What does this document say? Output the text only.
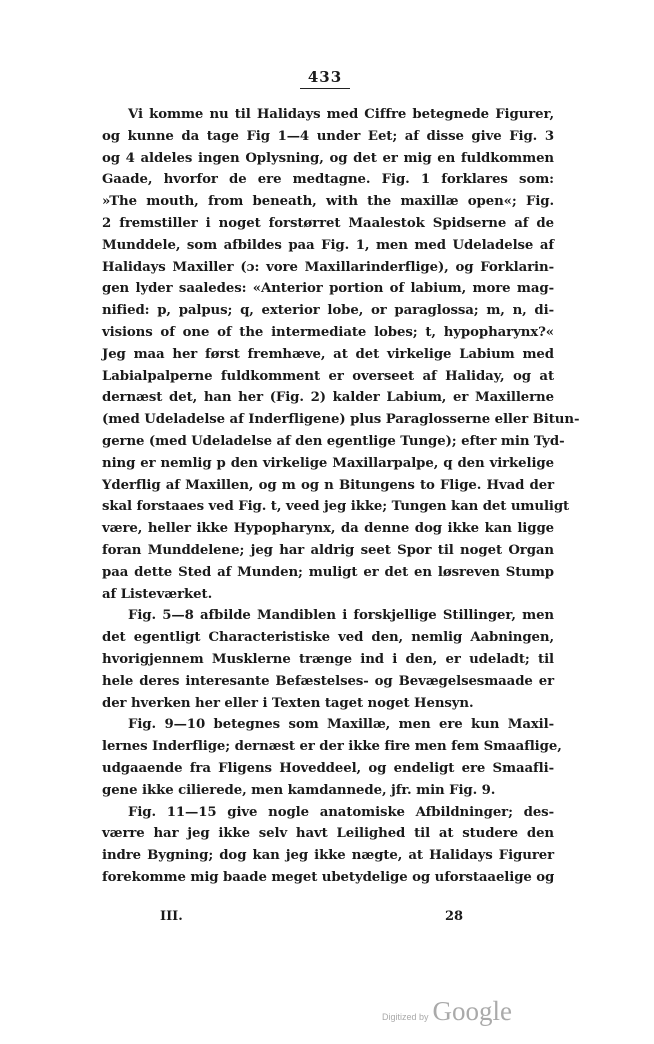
433

Vi komme nu til Halidays med Ciffre betegnede Figurer,

og kunne da tage Fig 1—4 under Eet; af disse give Fig. 3

og 4 aldeles ingen Oplysning, og det er mig en fuldkommen

Gaade, hvorfor de ere medtagne. Fig. 1 forklares som:

»The mouth, from beneath, with the maxillæ open«; Fig.

2 fremstiller i noget forstørret Maalestok Spidserne af de

Munddele, som afbildes paa Fig. 1, men med Udeladelse af

Halidays Maxiller (ɔ: vore Maxillarinderflige), og Forklarin-

gen lyder saaledes: «Anterior portion of labium, more mag-

nified: p, palpus; q, exterior lobe, or paraglossa; m, n, di-

visions of one of the intermediate lobes; t, hypopharynx?«

Jeg maa her først fremhæve, at det virkelige Labium med

Labialpalperne fuldkomment er overseet af Haliday, og at

dernæst det, han her (Fig. 2) kalder Labium, er Maxillerne

(med Udeladelse af Inderfligene) plus Paraglosserne eller Bitun-

gerne (med Udeladelse af den egentlige Tunge); efter min Tyd-

ning er nemlig p den virkelige Maxillarpalpe, q den virkelige

Yderflig af Maxillen, og m og n Bitungens to Flige. Hvad der

skal forstaaes ved Fig. t, veed jeg ikke; Tungen kan det umuligt

være, heller ikke Hypopharynx, da denne dog ikke kan ligge

foran Munddelene; jeg har aldrig seet Spor til noget Organ

paa dette Sted af Munden; muligt er det en løsreven Stump

af Listeværket.

Fig. 5—8 afbilde Mandiblen i forskjellige Stillinger, men

det egentligt Characteristiske ved den, nemlig Aabningen,

hvorigjennem Musklerne trænge ind i den, er udeladt; til

hele deres interesante Befæstelses- og Bevægelsesmaade er

der hverken her eller i Texten taget noget Hensyn.

Fig. 9—10 betegnes som Maxillæ, men ere kun Maxil-

lernes Inderflige; dernæst er der ikke fire men fem Smaaflige,

udgaaende fra Fligens Hoveddeel, og endeligt ere Smaafli-

gene ikke cilierede, men kamdannede, jfr. min Fig. 9.

Fig. 11—15 give nogle anatomiske Afbildninger; des-

værre har jeg ikke selv havt Leilighed til at studere den

indre Bygning; dog kan jeg ikke nægte, at Halidays Figurer

forekomme mig baade meget ubetydelige og uforstaaelige og

III.	28
Digitized by Google
